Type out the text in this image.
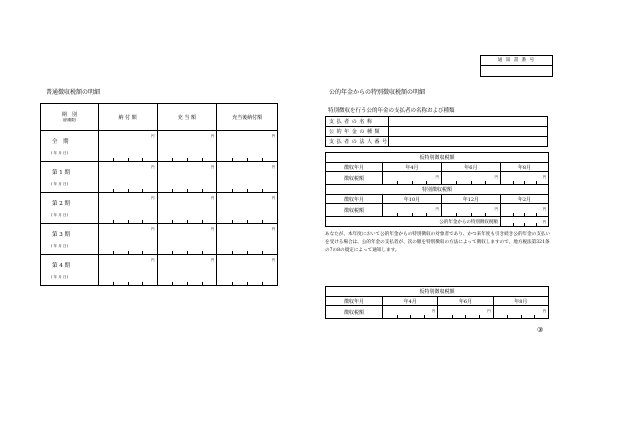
通 知 書 番 号
普通徴収税額の明細
期　別
(納期限)	納 付 額	充 当 額	充当後納付額

全　期
( 年 月 日)	円	円	円

第 1 期
( 年 月 日)	円	円	円

第 2 期
( 年 月 日)	円	円	円

第 3 期
( 年 月 日)	円	円	円

第 4 期
( 年 月 日)	円	円	円
公的年金からの特別徴収税額の明細
特別徴収を行う公的年金の支払者の名称および種類
支 払 者 の 名 称	
公 的 年 金 の 種 類	
支 払 者 の 法 人 番 号	
仮特別徴収税額			
徴収年月	年4月	年6月	年8月
徴収税額	円	円	円

特別徴収税額			
徴収年月	年10月	年12月	年2月
徴収税額	円	円	円

公的年金からの特別徴収税額			円
あなたが、本年度において公的年金からの特別徴収の対象者であり、かつ来年度も引き続き公的年金の支払いを受ける場合は、公的年金の支払者が、次の額を特別徴収の方法によって徴収しますので、地方税法第321条の7の8の規定によって通知します。
仮特別徴収税額			
徴収年月	年4月	年6月	年8月
徴収税額	円	円	円
③
